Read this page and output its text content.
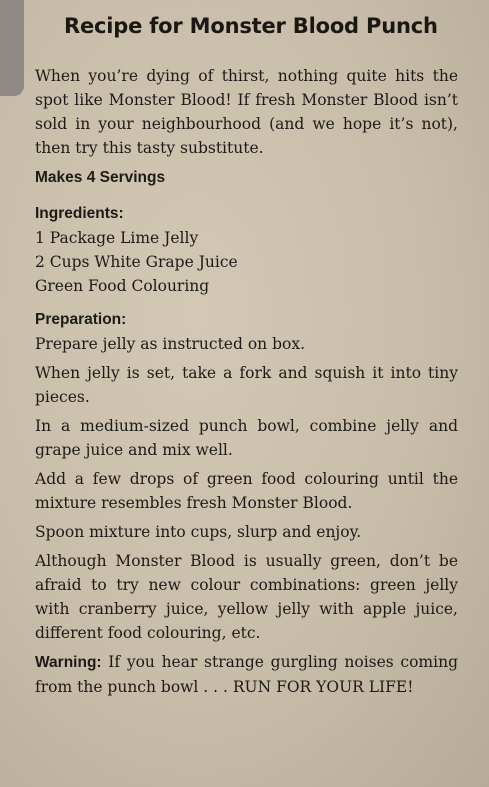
Recipe for Monster Blood Punch

When you’re dying of thirst, nothing quite hits the spot like Monster Blood! If fresh Monster Blood isn’t sold in your neighbourhood (and we hope it’s not), then try this tasty substitute.

Makes 4 Servings
Ingredients:
1 Package Lime Jelly
2 Cups White Grape Juice
Green Food Colouring
Preparation:

Prepare jelly as instructed on box.

When jelly is set, take a fork and squish it into tiny pieces.

In a medium-sized punch bowl, combine jelly and grape juice and mix well.

Add a few drops of green food colouring until the mixture resembles fresh Monster Blood.

Spoon mixture into cups, slurp and enjoy.

Although Monster Blood is usually green, don’t be afraid to try new colour combinations: green jelly with cranberry juice, yellow jelly with apple juice, different food colouring, etc.

Warning: If you hear strange gurgling noises coming from the punch bowl . . . RUN FOR YOUR LIFE!
